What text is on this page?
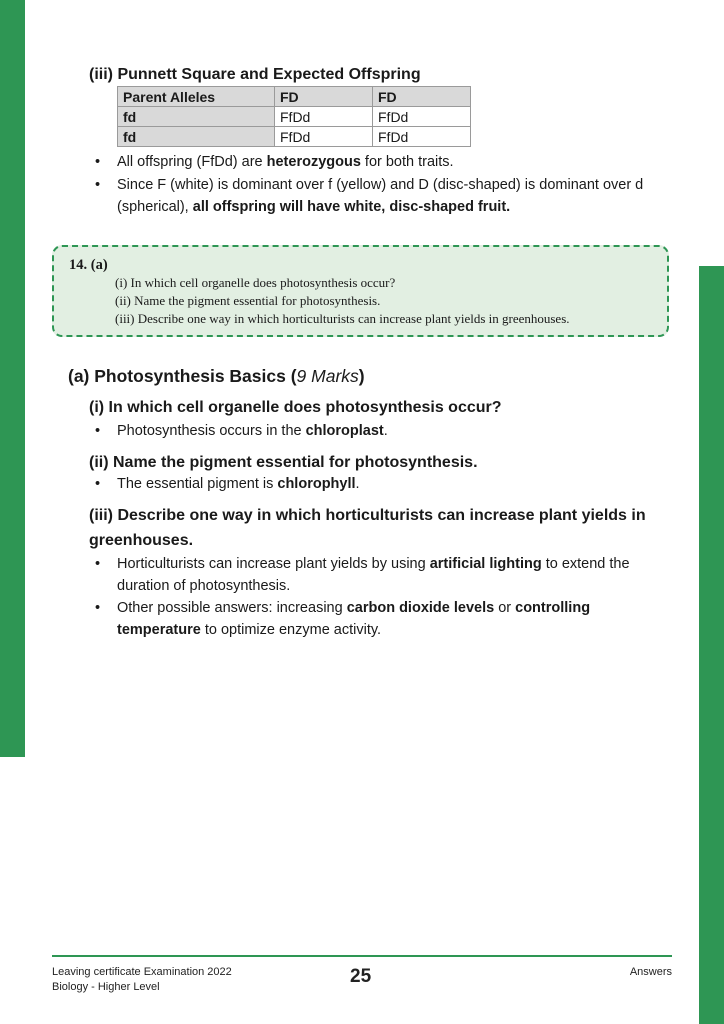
(iii) Punnett Square and Expected Offspring
Parent Alleles	FD	FD
fd	FfDd	FfDd
fd	FfDd	FfDd
• All offspring (FfDd) are heterozygous for both traits.
• Since F (white) is dominant over f (yellow) and D (disc-shaped) is dominant over d
(spherical), all offspring will have white, disc-shaped fruit.
14. (a)
(i) In which cell organelle does photosynthesis occur?
(ii) Name the pigment essential for photosynthesis.
(iii) Describe one way in which horticulturists can increase plant yields in greenhouses.
(a) Photosynthesis Basics (9 Marks)
(i) In which cell organelle does photosynthesis occur?
• Photosynthesis occurs in the chloroplast.
(ii) Name the pigment essential for photosynthesis.
• The essential pigment is chlorophyll.
(iii) Describe one way in which horticulturists can increase plant yields in
greenhouses.
• Horticulturists can increase plant yields by using artificial lighting to extend the
duration of photosynthesis.
• Other possible answers: increasing carbon dioxide levels or controlling
temperature to optimize enzyme activity.
Leaving certificate Examination 2022
Biology - Higher Level	25	Answers
